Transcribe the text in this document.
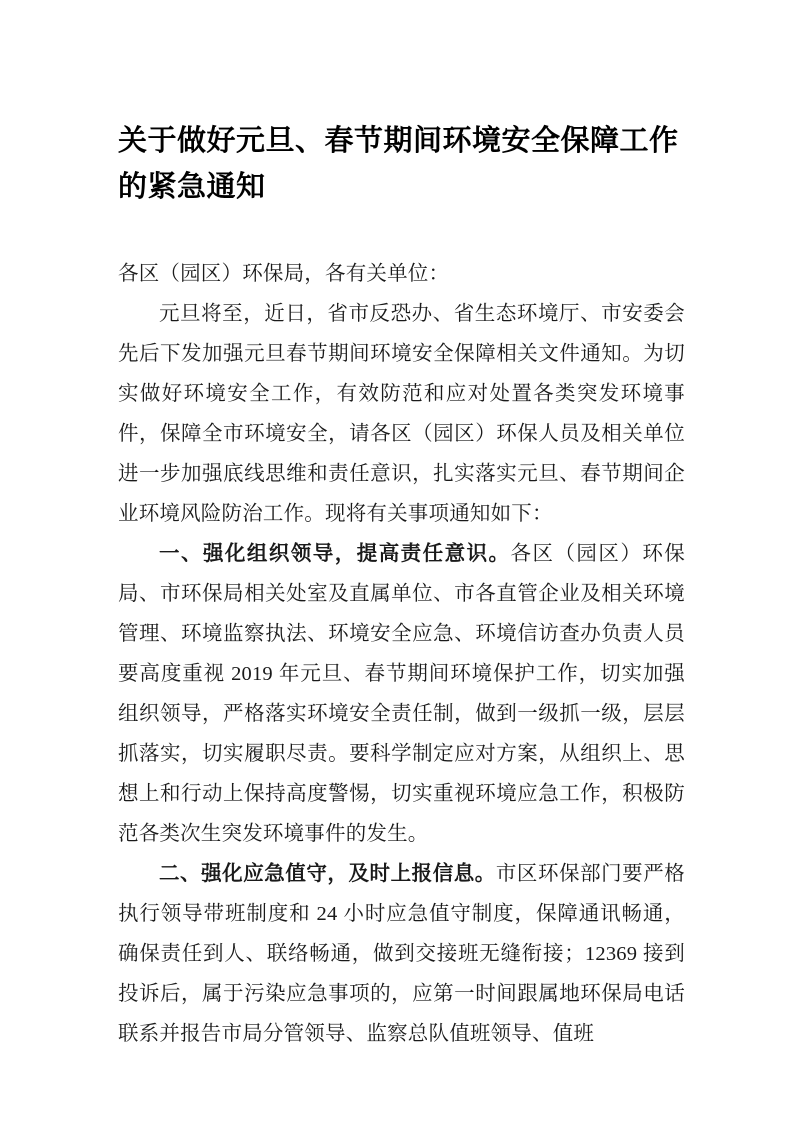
关于做好元旦、春节期间环境安全保障工作的紧急通知

各区（园区）环保局，各有关单位：

元旦将至，近日，省市反恐办、省生态环境厅、市安委会先后下发加强元旦春节期间环境安全保障相关文件通知。为切实做好环境安全工作，有效防范和应对处置各类突发环境事件，保障全市环境安全，请各区（园区）环保人员及相关单位进一步加强底线思维和责任意识，扎实落实元旦、春节期间企业环境风险防治工作。现将有关事项通知如下：

一、强化组织领导，提高责任意识。各区（园区）环保局、市环保局相关处室及直属单位、市各直管企业及相关环境管理、环境监察执法、环境安全应急、环境信访查办负责人员要高度重视 2019 年元旦、春节期间环境保护工作，切实加强组织领导，严格落实环境安全责任制，做到一级抓一级，层层抓落实，切实履职尽责。要科学制定应对方案，从组织上、思想上和行动上保持高度警惕，切实重视环境应急工作，积极防范各类次生突发环境事件的发生。

二、强化应急值守，及时上报信息。市区环保部门要严格执行领导带班制度和 24 小时应急值守制度，保障通讯畅通，确保责任到人、联络畅通，做到交接班无缝衔接；12369 接到投诉后，属于污染应急事项的，应第一时间跟属地环保局电话联系并报告市局分管领导、监察总队值班领导、值班
